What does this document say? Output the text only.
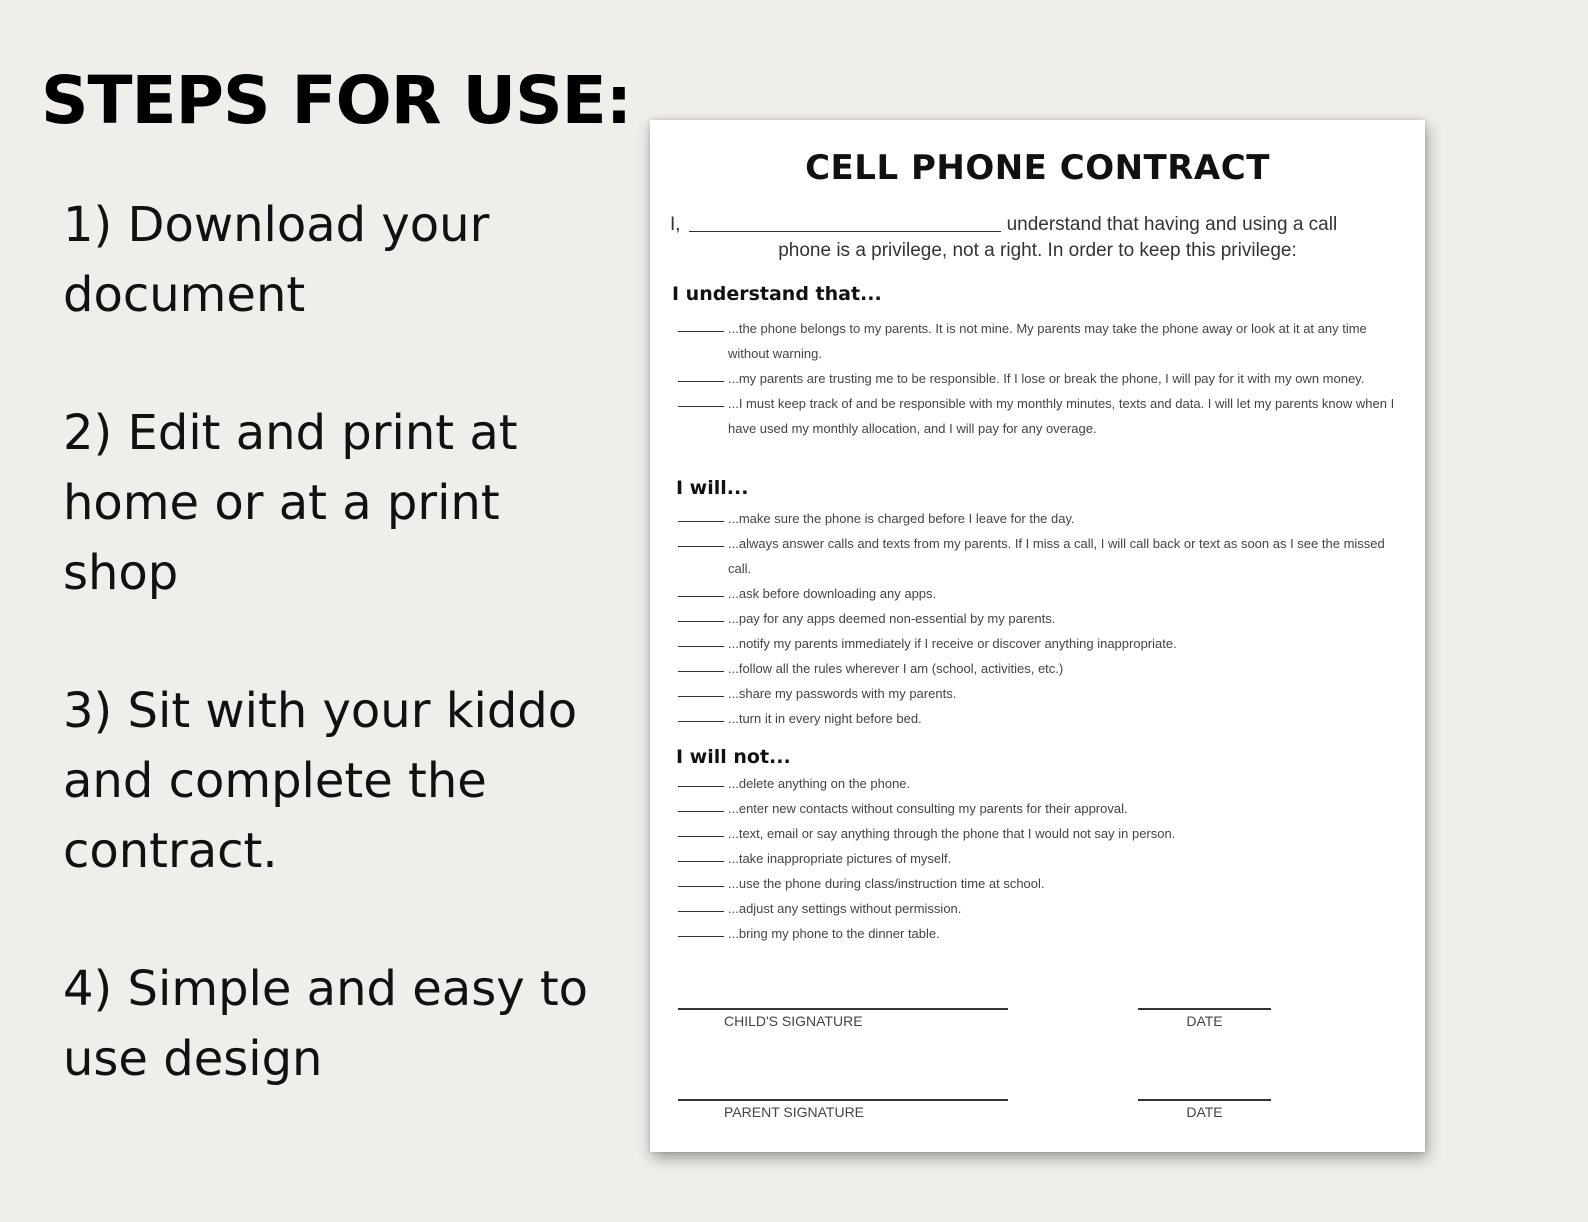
STEPS FOR USE:

1) Download your document

2) Edit and print at home or at a print shop

3) Sit with your kiddo and complete the contract.

4) Simple and easy to use design

CELL PHONE CONTRACT
I,	understand that having and using a call
phone is a privilege, not a right. In order to keep this privilege:
I understand that...
...the phone belongs to my parents. It is not mine. My parents may take the phone away or look at it at any time without warning.
...my parents are trusting me to be responsible. If I lose or break the phone, I will pay for it with my own money.
...I must keep track of and be responsible with my monthly minutes, texts and data. I will let my parents know when I have used my monthly allocation, and I will pay for any overage.
I will...
...make sure the phone is charged before I leave for the day.
...always answer calls and texts from my parents. If I miss a call, I will call back or text as soon as I see the missed call.
...ask before downloading any apps.
...pay for any apps deemed non-essential by my parents.
...notify my parents immediately if I receive or discover anything inappropriate.
...follow all the rules wherever I am (school, activities, etc.)
...share my passwords with my parents.
...turn it in every night before bed.
I will not...
...delete anything on the phone.
...enter new contacts without consulting my parents for their approval.
...text, email or say anything through the phone that I would not say in person.
...take inappropriate pictures of myself.
...use the phone during class/instruction time at school.
...adjust any settings without permission.
...bring my phone to the dinner table.
CHILD'S SIGNATURE	DATE
PARENT SIGNATURE	DATE
